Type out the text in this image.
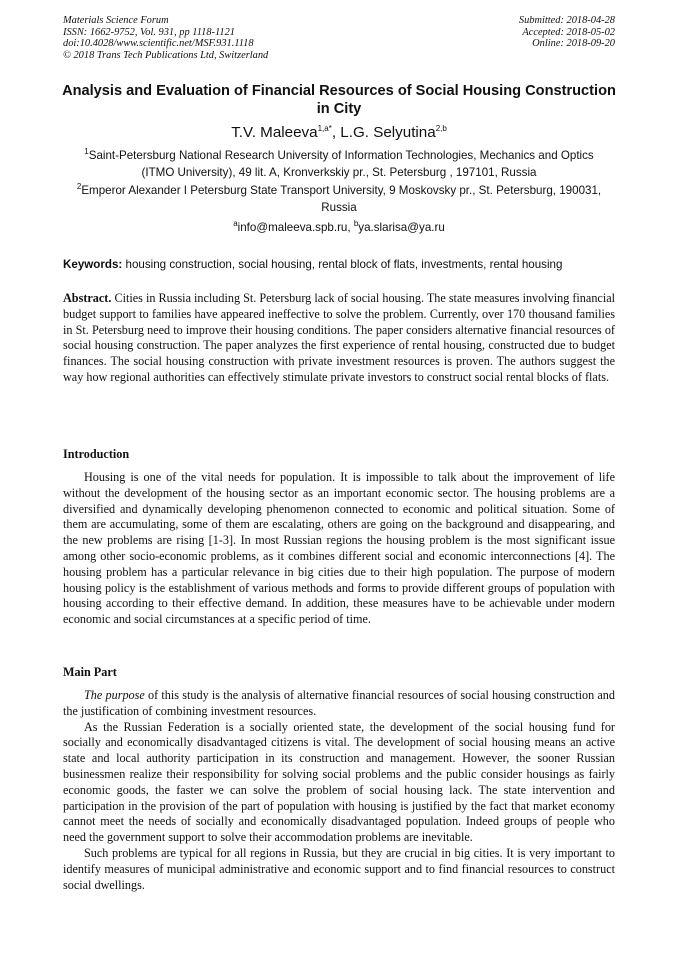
Materials Science Forum
ISSN: 1662-9752, Vol. 931, pp 1118-1121
doi:10.4028/www.scientific.net/MSF.931.1118
© 2018 Trans Tech Publications Ltd, Switzerland
Submitted: 2018-04-28
Accepted: 2018-05-02
Online: 2018-09-20
Analysis and Evaluation of Financial Resources of Social Housing Construction in City
T.V. Maleeva$^{1,a*}$, L.G. Selyutina$^{2,b}$
$^1$Saint-Petersburg National Research University of Information Technologies, Mechanics and Optics (ITMO University), 49 lit. A, Kronverkskiy pr., St. Petersburg , 197101, Russia
$^2$Emperor Alexander I Petersburg State Transport University, 9 Moskovsky pr., St. Petersburg, 190031, Russia
$^a$info@maleeva.spb.ru, $^b$ya.slarisa@ya.ru
Keywords: housing construction, social housing, rental block of flats, investments, rental housing
Abstract. Cities in Russia including St. Petersburg lack of social housing. The state measures involving financial budget support to families have appeared ineffective to solve the problem. Currently, over 170 thousand families in St. Petersburg need to improve their housing conditions. The paper considers alternative financial resources of social housing construction. The paper analyzes the first experience of rental housing, constructed due to budget finances. The social housing construction with private investment resources is proven. The authors suggest the way how regional authorities can effectively stimulate private investors to construct social rental blocks of flats.
Introduction

Housing is one of the vital needs for population. It is impossible to talk about the improvement of life without the development of the housing sector as an important economic sector. The housing problems are a diversified and dynamically developing phenomenon connected to economic and political situation. Some of them are accumulating, some of them are escalating, others are going on the background and disappearing, and the new problems are rising [1-3]. In most Russian regions the housing problem is the most significant issue among other socio-economic problems, as it combines different social and economic interconnections [4]. The housing problem has a particular relevance in big cities due to their high population. The purpose of modern housing policy is the establishment of various methods and forms to provide different groups of population with housing according to their effective demand. In addition, these measures have to be achievable under modern economic and social circumstances at a specific period of time.

Main Part

The purpose of this study is the analysis of alternative financial resources of social housing construction and the justification of combining investment resources.

As the Russian Federation is a socially oriented state, the development of the social housing fund for socially and economically disadvantaged citizens is vital. The development of social housing means an active state and local authority participation in its construction and management. However, the sooner Russian businessmen realize their responsibility for solving social problems and the public consider housings as fairly economic goods, the faster we can solve the problem of social housing lack. The state intervention and participation in the provision of the part of population with housing is justified by the fact that market economy cannot meet the needs of socially and economically disadvantaged population. Indeed groups of people who need the government support to solve their accommodation problems are inevitable.

Such problems are typical for all regions in Russia, but they are crucial in big cities. It is very important to identify measures of municipal administrative and economic support and to find financial resources to construct social dwellings.
